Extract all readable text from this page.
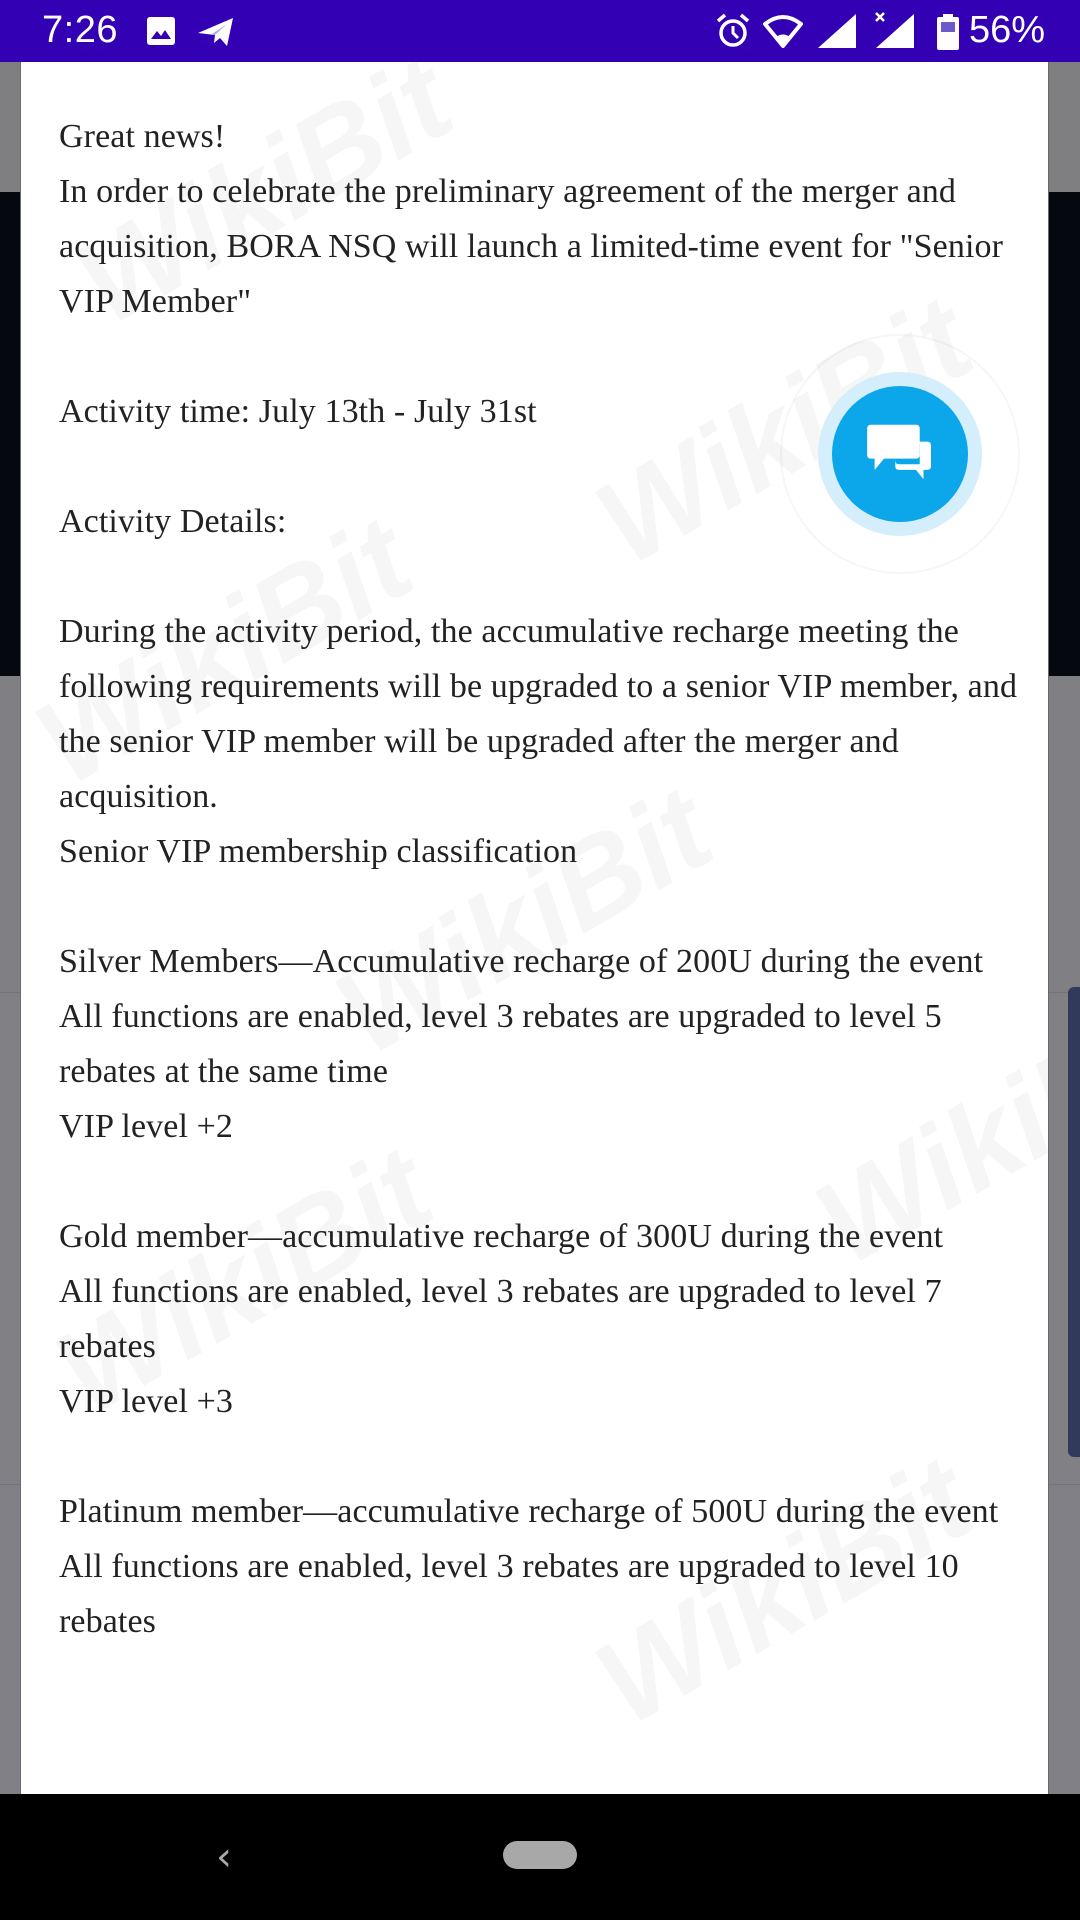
7:26	56%
Great news!
In order to celebrate the preliminary agreement of the merger and acquisition, BORA NSQ will launch a limited-time event for "Senior VIP Member"
Activity time: July 13th - July 31st
Activity Details:
During the activity period, the accumulative recharge meeting the following requirements will be upgraded to a senior VIP member, and the senior VIP member will be upgraded after the merger and acquisition.
Senior VIP membership classification
Silver Members—Accumulative recharge of 200U during the event
All functions are enabled, level 3 rebates are upgraded to level 5 rebates at the same time
VIP level +2
Gold member—accumulative recharge of 300U during the event
All functions are enabled, level 3 rebates are upgraded to level 7 rebates
VIP level +3
Platinum member—accumulative recharge of 500U during the event
All functions are enabled, level 3 rebates are upgraded to level 10 rebates
‹
